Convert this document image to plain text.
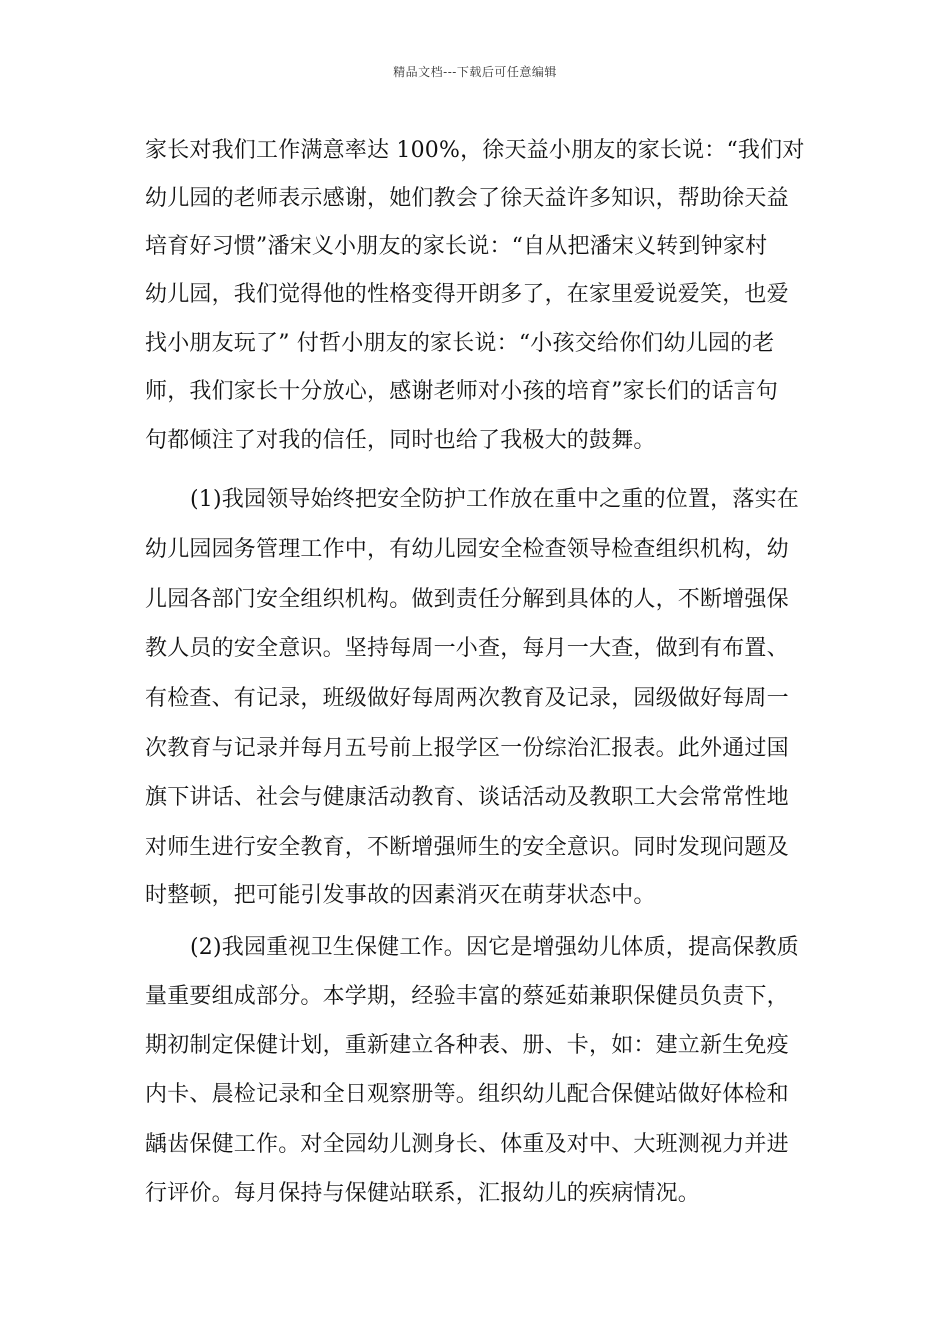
精品文档---下载后可任意编辑
家长对我们工作满意率达 100%，徐天益小朋友的家长说：“我们对
幼儿园的老师表示感谢，她们教会了徐天益许多知识，帮助徐天益
培育好习惯”潘宋义小朋友的家长说：“自从把潘宋义转到钟家村
幼儿园，我们觉得他的性格变得开朗多了，在家里爱说爱笑，也爱
找小朋友玩了” 付哲小朋友的家长说：“小孩交给你们幼儿园的老
师，我们家长十分放心，感谢老师对小孩的培育”家长们的话言句
句都倾注了对我的信任，同时也给了我极大的鼓舞。
(1)我园领导始终把安全防护工作放在重中之重的位置，落实在
幼儿园园务管理工作中，有幼儿园安全检查领导检查组织机构，幼
儿园各部门安全组织机构。做到责任分解到具体的人，不断增强保
教人员的安全意识。坚持每周一小查，每月一大查，做到有布置、
有检查、有记录，班级做好每周两次教育及记录，园级做好每周一
次教育与记录并每月五号前上报学区一份综治汇报表。此外通过国
旗下讲话、社会与健康活动教育、谈话活动及教职工大会常常性地
对师生进行安全教育，不断增强师生的安全意识。同时发现问题及
时整顿，把可能引发事故的因素消灭在萌芽状态中。
(2)我园重视卫生保健工作。因它是增强幼儿体质，提高保教质
量重要组成部分。本学期，经验丰富的蔡延茹兼职保健员负责下，
期初制定保健计划，重新建立各种表、册、卡，如：建立新生免疫
内卡、晨检记录和全日观察册等。组织幼儿配合保健站做好体检和
龋齿保健工作。对全园幼儿测身长、体重及对中、大班测视力并进
行评价。每月保持与保健站联系，汇报幼儿的疾病情况。
